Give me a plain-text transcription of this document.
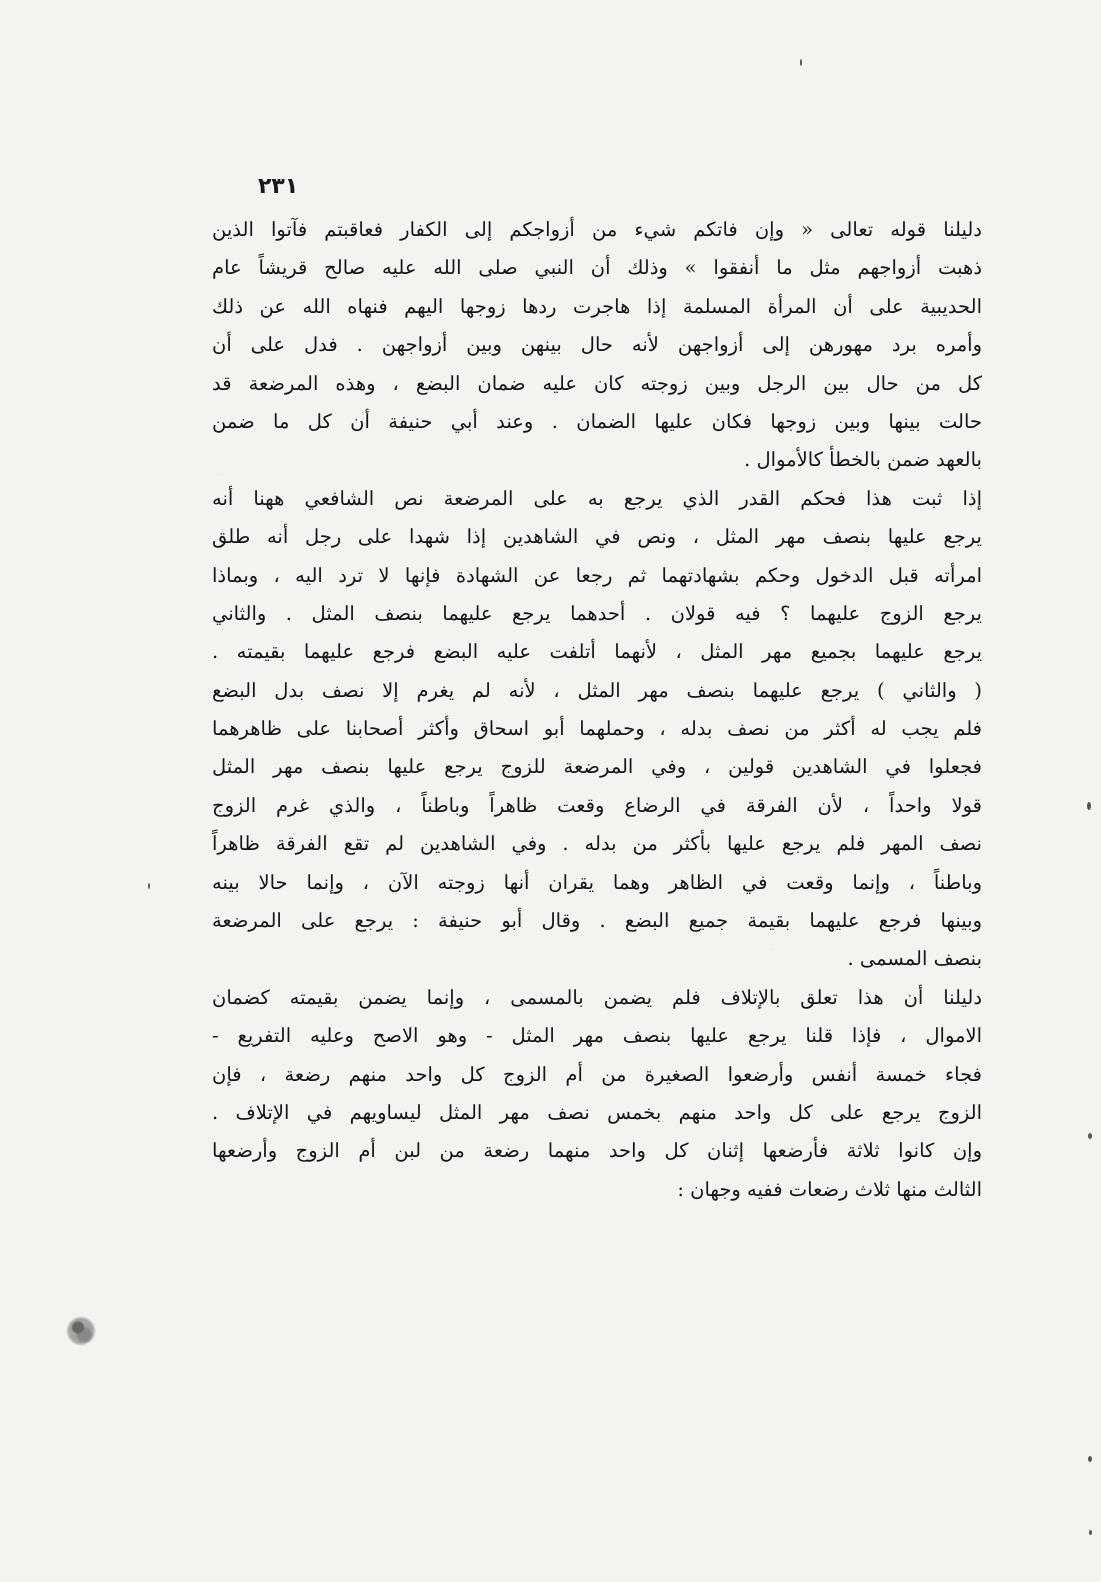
٢٣١
دليلنا قوله تعالى « وإن فاتكم شيء من أزواجكم إلى الكفار فعاقبتم فآتوا الذين
ذهبت أزواجهم مثل ما أنفقوا » وذلك أن النبي صلى الله عليه صالح قريشاً عام
الحديبية على أن المرأة المسلمة إذا هاجرت ردها زوجها اليهم فنهاه الله عن ذلك
وأمره برد مهورهن إلى أزواجهن لأنه حال بينهن وبين أزواجهن . فدل على أن
كل من حال بين الرجل وبين زوجته كان عليه ضمان البضع ، وهذه المرضعة قد
حالت بينها وبين زوجها فكان عليها الضمان . وعند أبي حنيفة أن كل ما ضمن
بالعهد ضمن بالخطأ كالأموال .
إذا ثبت هذا فحكم القدر الذي يرجع به على المرضعة نص الشافعي ههنا أنه
يرجع عليها بنصف مهر المثل ، ونص في الشاهدين إذا شهدا على رجل أنه طلق
امرأته قبل الدخول وحكم بشهادتهما ثم رجعا عن الشهادة فإنها لا ترد اليه ، وبماذا
يرجع الزوج عليهما ؟ فيه قولان . أحدهما يرجع عليهما بنصف المثل . والثاني
يرجع عليهما بجميع مهر المثل ، لأنهما أتلفت عليه البضع فرجع عليهما بقيمته .
( والثاني ) يرجع عليهما بنصف مهر المثل ، لأنه لم يغرم إلا نصف بدل البضع
فلم يجب له أكثر من نصف بدله ، وحملهما أبو اسحاق وأكثر أصحابنا على ظاهرهما
فجعلوا في الشاهدين قولين ، وفي المرضعة للزوج يرجع عليها بنصف مهر المثل
قولا واحداً ، لأن الفرقة في الرضاع وقعت ظاهراً وباطناً ، والذي غرم الزوج
نصف المهر فلم يرجع عليها بأكثر من بدله . وفي الشاهدين لم تقع الفرقة ظاهراً
وباطناً ، وإنما وقعت في الظاهر وهما يقران أنها زوجته الآن ، وإنما حالا بينه
وبينها فرجع عليهما بقيمة جميع البضع . وقال أبو حنيفة : يرجع على المرضعة
بنصف المسمى .
دليلنا أن هذا تعلق بالإتلاف فلم يضمن بالمسمى ، وإنما يضمن بقيمته كضمان
الاموال ، فإذا قلنا يرجع عليها بنصف مهر المثل - وهو الاصح وعليه التفريع -
فجاء خمسة أنفس وأرضعوا الصغيرة من أم الزوج كل واحد منهم رضعة ، فإن
الزوج يرجع على كل واحد منهم بخمس نصف مهر المثل ليساويهم في الإتلاف .
وإن كانوا ثلاثة فأرضعها إثنان كل واحد منهما رضعة من لبن أم الزوج وأرضعها
الثالث منها ثلاث رضعات ففيه وجهان :
